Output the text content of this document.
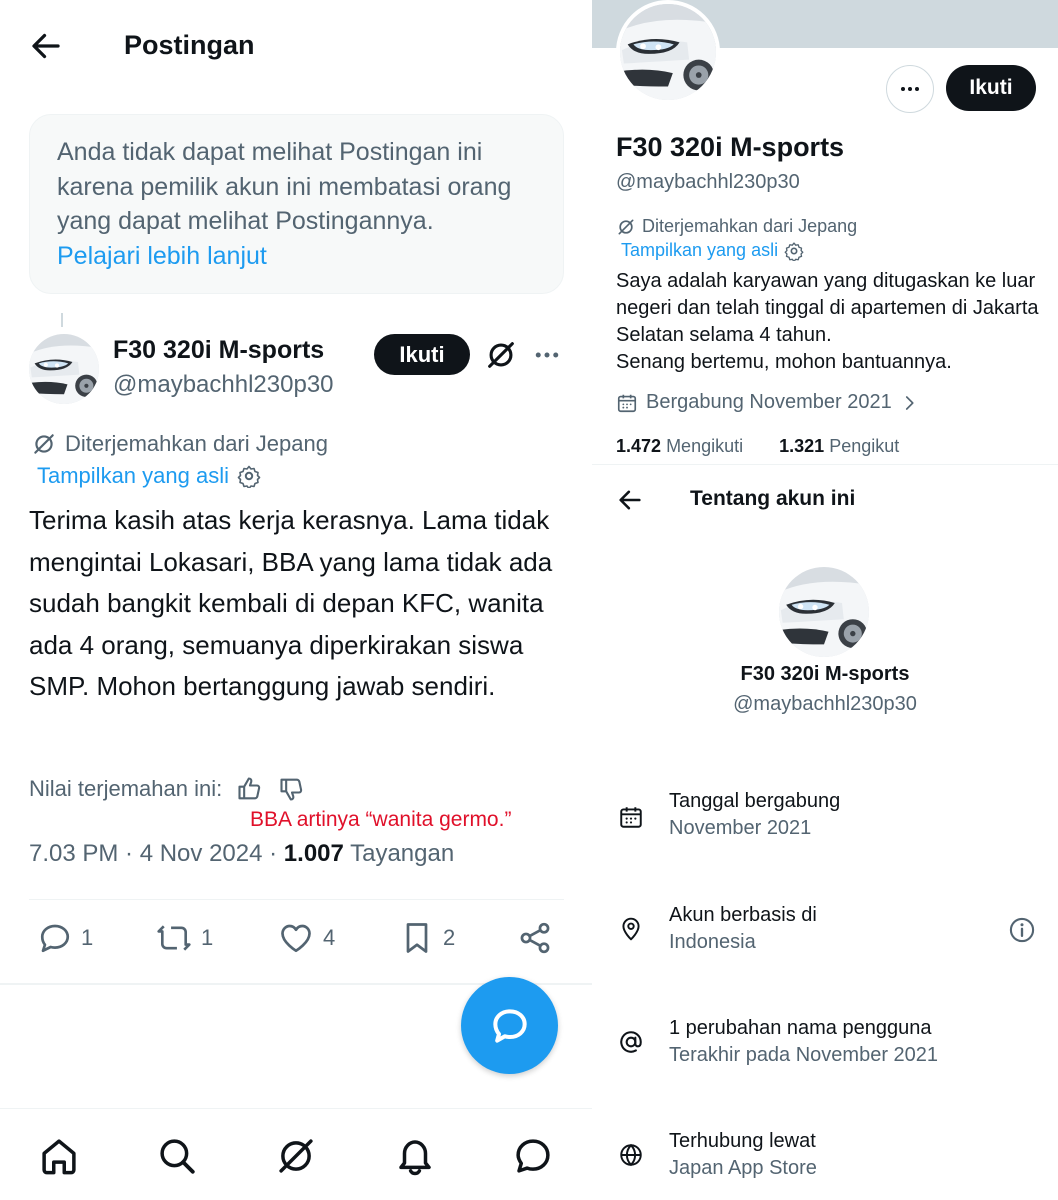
Postingan
Anda tidak dapat melihat Postingan ini karena pemilik akun ini membatasi orang yang dapat melihat Postingannya.
Pelajari lebih lanjut
F30 320i M-sports
@maybachhl230p30
Ikuti
Diterjemahkan dari Jepang
Tampilkan yang asli
Terima kasih atas kerja kerasnya. Lama tidak mengintai Lokasari, BBA yang lama tidak ada sudah bangkit kembali di depan KFC, wanita ada 4 orang, semuanya diperkirakan siswa SMP. Mohon bertanggung jawab sendiri.
Nilai terjemahan ini:
BBA artinya “wanita germo.”
7.03 PM · 4 Nov 2024 · 1.007 Tayangan
1	1	4	2
Ikuti
F30 320i M-sports
@maybachhl230p30
Diterjemahkan dari Jepang
Tampilkan yang asli
Saya adalah karyawan yang ditugaskan ke luar negeri dan telah tinggal di apartemen di Jakarta Selatan selama 4 tahun.
Senang bertemu, mohon bantuannya.
Bergabung November 2021
1.472 Mengikuti 1.321 Pengikut
Tentang akun ini
F30 320i M-sports
@maybachhl230p30
Tanggal bergabung
November 2021
Akun berbasis di
Indonesia
1 perubahan nama pengguna
Terakhir pada November 2021
Terhubung lewat
Japan App Store
